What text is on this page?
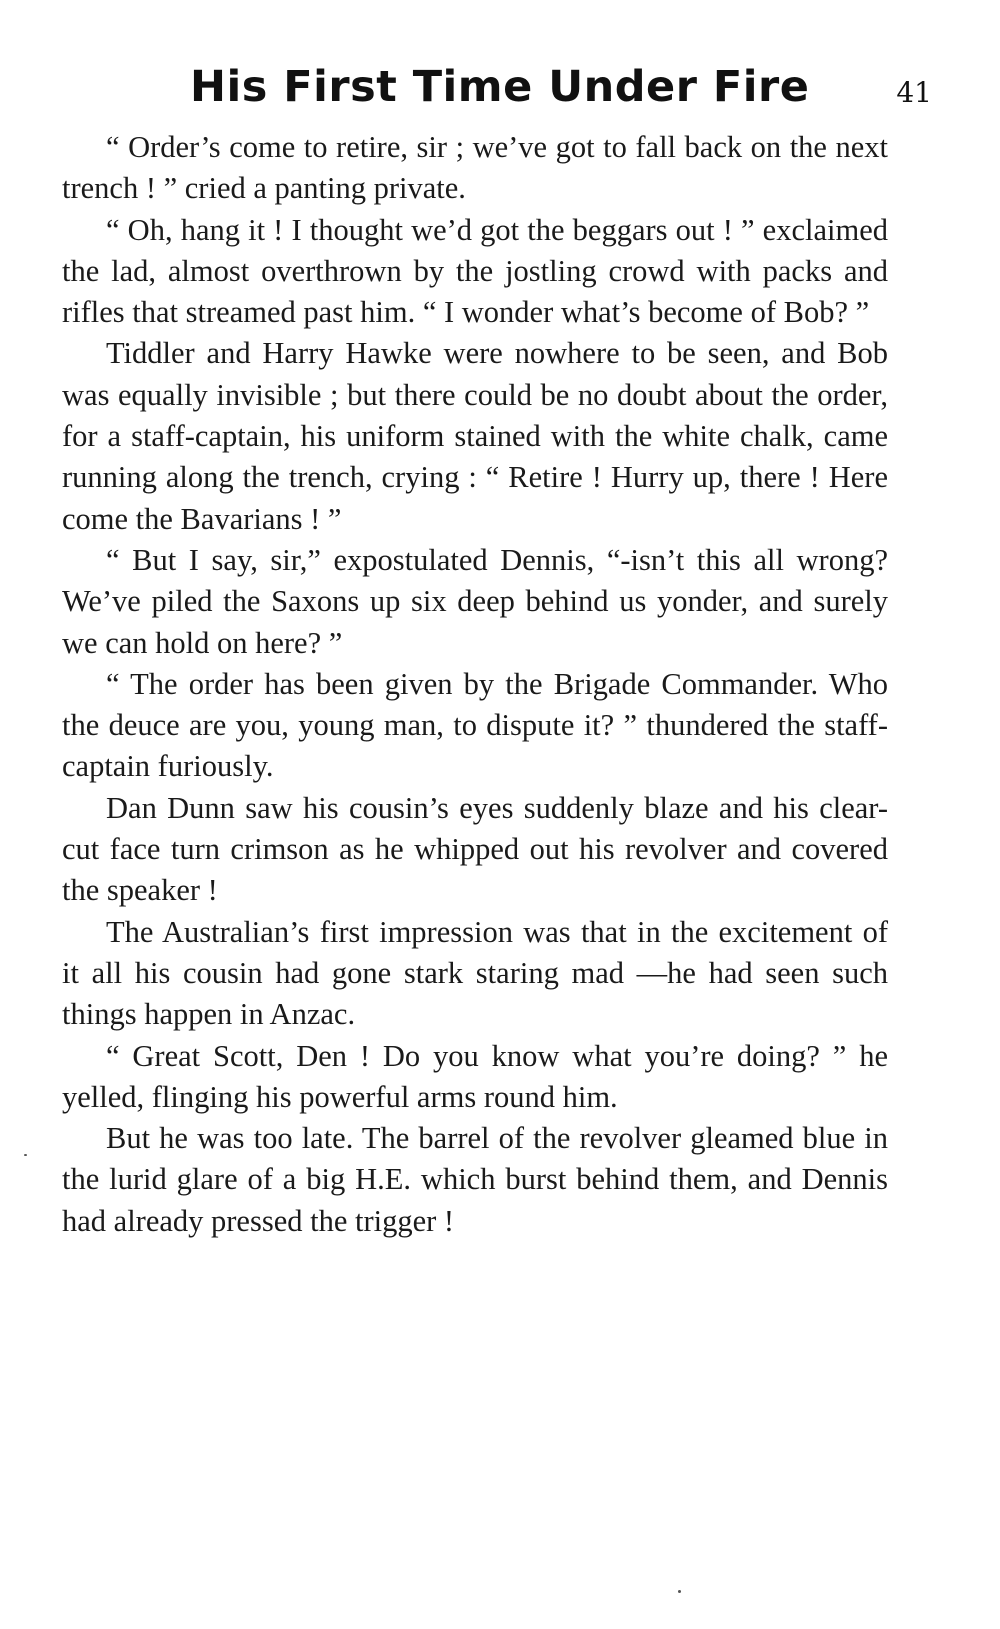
His First Time Under Fire	41

“ Order’s come to retire, sir ; we’ve got to fall back on the next trench ! ” cried a panting private.

“ Oh, hang it ! I thought we’d got the beggars out ! ” exclaimed the lad, almost overthrown by the jostling crowd with packs and rifles that streamed past him. “ I wonder what’s become of Bob? ”

Tiddler and Harry Hawke were nowhere to be seen, and Bob was equally invisible ; but there could be no doubt about the order, for a staff-captain, his uniform stained with the white chalk, came running along the trench, crying : “ Retire ! Hurry up, there ! Here come the Bavarians ! ”

“ But I say, sir,” expostulated Dennis, “-isn’t this all wrong? We’ve piled the Saxons up six deep behind us yonder, and surely we can hold on here? ”

“ The order has been given by the Brigade Commander. Who the deuce are you, young man, to dispute it? ” thundered the staff-captain furiously.

Dan Dunn saw his cousin’s eyes suddenly blaze and his clear-cut face turn crimson as he whipped out his revolver and covered the speaker !

The Australian’s first impression was that in the excitement of it all his cousin had gone stark staring mad —he had seen such things happen in Anzac.

“ Great Scott, Den ! Do you know what you’re doing? ” he yelled, flinging his powerful arms round him.

But he was too late. The barrel of the revolver gleamed blue in the lurid glare of a big H.E. which burst behind them, and Dennis had already pressed the trigger !
